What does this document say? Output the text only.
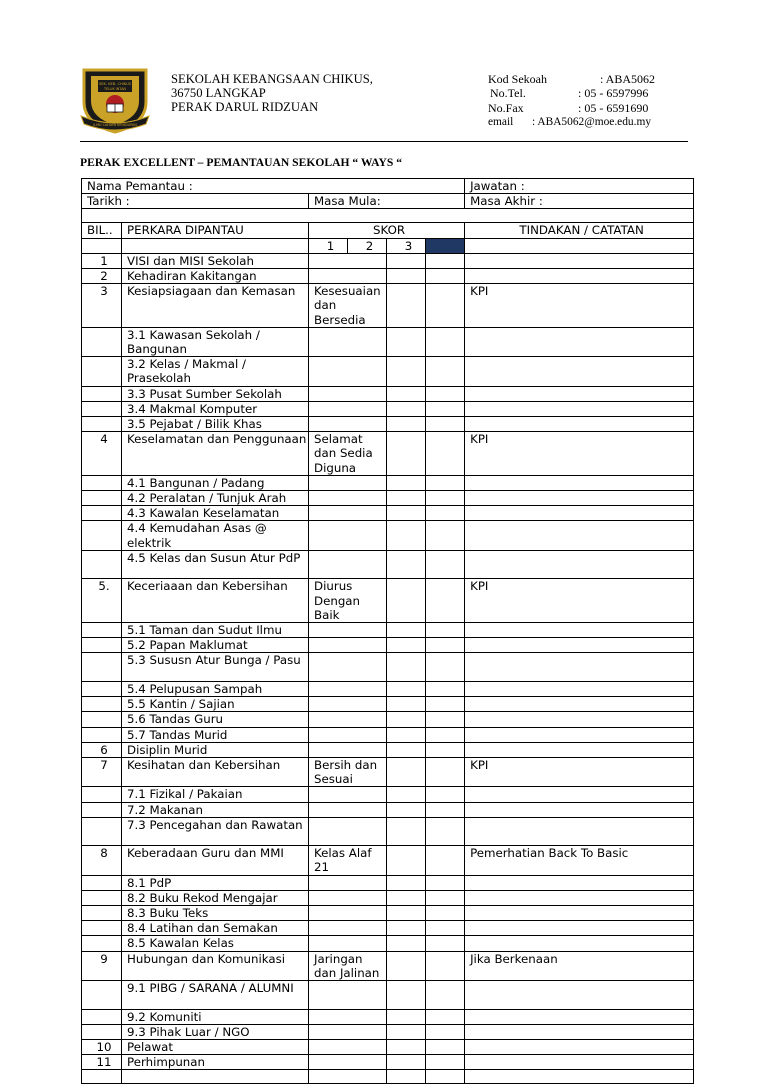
SEK. KEB. CHIKUS
TELUK INTAN
ILMU CAHAYA KEHIDUPAN
SEKOLAH KEBANGSAAN CHIKUS,
36750 LANGKAP
PERAK DARUL RIDZUAN
Kod Sekoah	: ABA5062
No.Tel.	: 05 - 6597996
No.Fax	: 05 - 6591690
email : ABA5062@moe.edu.my
PERAK EXCELLENT – PEMANTAUAN SEKOLAH “ WAYS “
Nama Pemantau :						Jawatan :
Tarikh :		Masa Mula:				Masa Akhir :

BIL..	PERKARA DIPANTAU	SKOR				TINDAKAN / CATATAN
		1	2	3		
1	VISI dan MISI Sekolah					
2	Kehadiran Kakitangan					
3	Kesiapsiagaan dan Kemasan	Kesesuaian dan Bersedia				KPI
	3.1 Kawasan Sekolah / Bangunan					
	3.2 Kelas / Makmal / Prasekolah					
	3.3 Pusat Sumber Sekolah					
	3.4 Makmal Komputer					
	3.5 Pejabat / Bilik Khas					
4	Keselamatan dan Penggunaan	Selamat dan Sedia Diguna				KPI
	4.1 Bangunan / Padang					
	4.2 Peralatan / Tunjuk Arah					
	4.3 Kawalan Keselamatan					
	4.4 Kemudahan Asas @ elektrik					
	4.5 Kelas dan Susun Atur PdP					
5.	Keceriaaan dan Kebersihan	Diurus Dengan Baik				KPI
	5.1 Taman dan Sudut Ilmu					
	5.2 Papan Maklumat					
	5.3 Sususn Atur Bunga / Pasu					
	5.4 Pelupusan Sampah					
	5.5 Kantin / Sajian					
	5.6 Tandas Guru					
	5.7 Tandas Murid					
6	Disiplin Murid					
7	Kesihatan dan Kebersihan	Bersih dan Sesuai				KPI
	7.1 Fizikal / Pakaian					
	7.2 Makanan					
	7.3 Pencegahan dan Rawatan					
8	Keberadaan Guru dan MMI	Kelas Alaf 21				Pemerhatian Back To Basic
	8.1 PdP					
	8.2 Buku Rekod Mengajar					
	8.3 Buku Teks					
	8.4 Latihan dan Semakan					
	8.5 Kawalan Kelas					
9	Hubungan dan Komunikasi	Jaringan dan Jalinan				Jika Berkenaan
	9.1 PIBG / SARANA / ALUMNI					
	9.2 Komuniti					
	9.3 Pihak Luar / NGO					
10	Pelawat					
11	Perhimpunan					
